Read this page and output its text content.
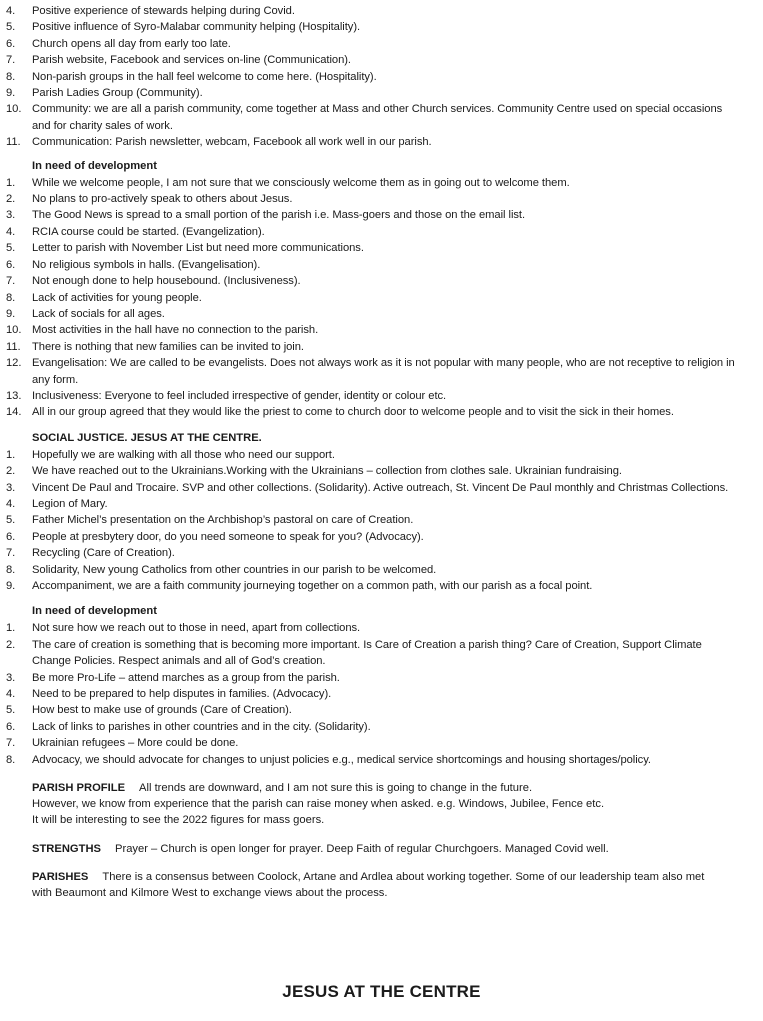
4.	Positive experience of stewards helping during Covid.
5.	Positive influence of Syro-Malabar community helping (Hospitality).
6.	Church opens all day from early too late.
7.	Parish website, Facebook and services on-line (Communication).
8.	Non-parish groups in the hall feel welcome to come here. (Hospitality).
9.	Parish Ladies Group (Community).
10. Community: we are all a parish community, come together at Mass and other Church services. Community Centre used on special occasions and for charity sales of work.
11.	Communication: Parish newsletter, webcam, Facebook all work well in our parish.
In need of development
1.	While we welcome people, I am not sure that we consciously welcome them as in going out to welcome them.
2.	No plans to pro-actively speak to others about Jesus.
3.	The Good News is spread to a small portion of the parish i.e. Mass-goers and those on the email list.
4.	RCIA course could be started. (Evangelization).
5.	Letter to parish with November List but need more communications.
6.	No religious symbols in halls. (Evangelisation).
7.	Not enough done to help housebound. (Inclusiveness).
8.	Lack of activities for young people.
9.	Lack of socials for all ages.
10. Most activities in the hall have no connection to the parish.
11.	There is nothing that new families can be invited to join.
12. Evangelisation: We are called to be evangelists. Does not always work as it is not popular with many people, who are not receptive to religion in any form.
13. Inclusiveness: Everyone to feel included irrespective of gender, identity or colour etc.
14. All in our group agreed that they would like the priest to come to church door to welcome people and to visit the sick in their homes.
SOCIAL JUSTICE. JESUS AT THE CENTRE.
1.	Hopefully we are walking with all those who need our support.
2.	We have reached out to the Ukrainians.Working with the Ukrainians – collection from clothes sale. Ukrainian fundraising.
3.	Vincent De Paul and Trocaire. SVP and other collections. (Solidarity). Active outreach, St. Vincent De Paul monthly and Christmas Collections.
4.	Legion of Mary.
5.	Father Michel’s presentation on the Archbishop’s pastoral on care of Creation.
6.	People at presbytery door, do you need someone to speak for you? (Advocacy).
7.	Recycling (Care of Creation).
8.	Solidarity, New young Catholics from other countries in our parish to be welcomed.
9.	Accompaniment, we are a faith community journeying together on a common path, with our parish as a focal point.
In need of development
1.	Not sure how we reach out to those in need, apart from collections.
2.	The care of creation is something that is becoming more important. Is Care of Creation a parish thing? Care of Creation, Support Climate Change Policies. Respect animals and all of God’s creation.
3.	Be more Pro-Life – attend marches as a group from the parish.
4.	Need to be prepared to help disputes in families. (Advocacy).
5.	How best to make use of grounds (Care of Creation).
6.	Lack of links to parishes in other countries and in the city. (Solidarity).
7.	Ukrainian refugees – More could be done.
8.	Advocacy, we should advocate for changes to unjust policies e.g., medical service shortcomings and housing shortages/policy.
PARISH PROFILE All trends are downward, and I am not sure this is going to change in the future.
However, we know from experience that the parish can raise money when asked. e.g. Windows, Jubilee, Fence etc.
It will be interesting to see the 2022 figures for mass goers.
STRENGTHS Prayer – Church is open longer for prayer. Deep Faith of regular Churchgoers. Managed Covid well.
PARISHES There is a consensus between Coolock, Artane and Ardlea about working together. Some of our leadership team also met with Beaumont and Kilmore West to exchange views about the process.
JESUS AT THE CENTRE
